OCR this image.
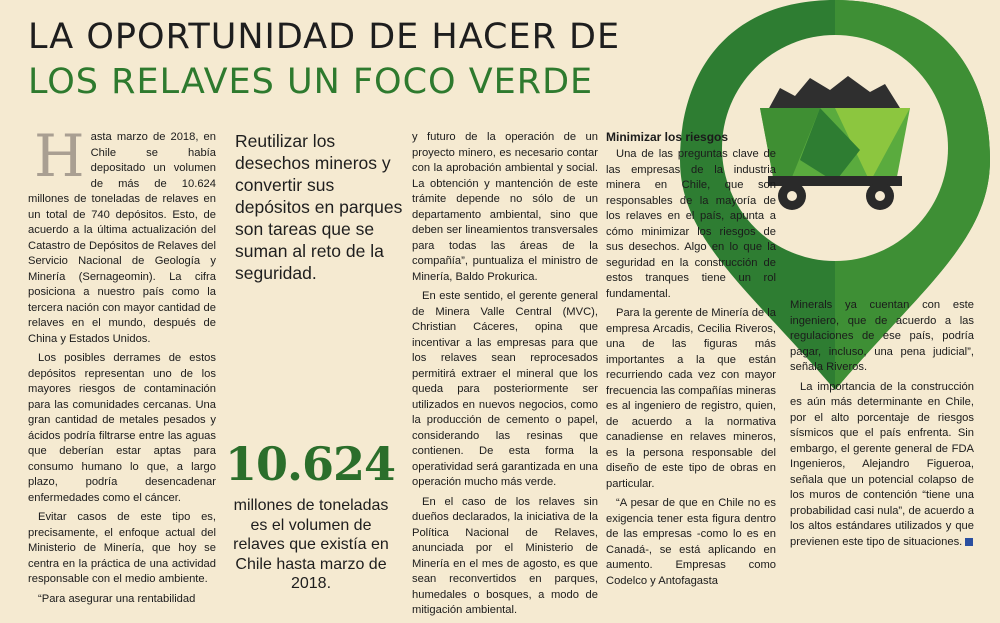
LA OPORTUNIDAD DE HACER DE
LOS RELAVES UN FOCO VERDE

Hasta marzo de 2018, en Chile se había depositado un volumen de más de 10.624 millones de toneladas de relaves en un total de 740 depósitos. Esto, de acuerdo a la última actualización del Catastro de Depósitos de Relaves del Servicio Nacional de Geología y Minería (Sernageomin). La cifra posiciona a nuestro país como la tercera nación con mayor cantidad de relaves en el mundo, después de China y Estados Unidos.

Los posibles derrames de estos depósitos representan uno de los mayores riesgos de contaminación para las comunidades cercanas. Una gran cantidad de metales pesados y ácidos podría filtrarse entre las aguas que deberían estar aptas para consumo humano lo que, a largo plazo, podría desencadenar enfermedades como el cáncer.

Evitar casos de este tipo es, precisamente, el enfoque actual del Ministerio de Minería, que hoy se centra en la práctica de una actividad responsable con el medio ambiente.

“Para asegurar una rentabilidad

Reutilizar los desechos mineros y convertir sus depósitos en parques son tareas que se suman al reto de la seguridad.
10.624
millones de toneladas es el volumen de relaves que existía en Chile hasta marzo de 2018.

y futuro de la operación de un proyecto minero, es necesario contar con la aprobación ambiental y social. La obtención y mantención de este trámite depende no sólo de un departamento ambiental, sino que deben ser lineamientos transversales para todas las áreas de la compañía”, puntualiza el ministro de Minería, Baldo Prokurica.

En este sentido, el gerente general de Minera Valle Central (MVC), Christian Cáceres, opina que incentivar a las empresas para que los relaves sean reprocesados permitirá extraer el mineral que los queda para posteriormente ser utilizados en nuevos negocios, como la producción de cemento o papel, considerando las resinas que contienen. De esta forma la operatividad será garantizada en una operación mucho más verde.

En el caso de los relaves sin dueños declarados, la iniciativa de la Política Nacional de Relaves, anunciada por el Ministerio de Minería en el mes de agosto, es que sean reconvertidos en parques, humedales o bosques, a modo de mitigación ambiental.

Minimizar los riesgos

Una de las preguntas clave de las empresas de la industria minera en Chile, que son responsables de la mayoría de los relaves en el país, apunta a cómo minimizar los riesgos de sus desechos. Algo en lo que la seguridad en la construcción de estos tranques tiene un rol fundamental.

Para la gerente de Minería de la empresa Arcadis, Cecilia Riveros, una de las figuras más importantes a la que están recurriendo cada vez con mayor frecuencia las compañías mineras es al ingeniero de registro, quien, de acuerdo a la normativa canadiense en relaves mineros, es la persona responsable del diseño de este tipo de obras en particular.

“A pesar de que en Chile no es exigencia tener esta figura dentro de las empresas -como lo es en Canadá-, se está aplicando en aumento. Empresas como Codelco y Antofagasta

Minerals ya cuentan con este ingeniero, que de acuerdo a las regulaciones de ese país, podría pagar, incluso, una pena judicial”, señala Riveros.

La importancia de la construcción es aún más determinante en Chile, por el alto porcentaje de riesgos sísmicos que el país enfrenta. Sin embargo, el gerente general de FDA Ingenieros, Alejandro Figueroa, señala que un potencial colapso de los muros de contención “tiene una probabilidad casi nula”, de acuerdo a los altos estándares utilizados y que previenen este tipo de situaciones.
